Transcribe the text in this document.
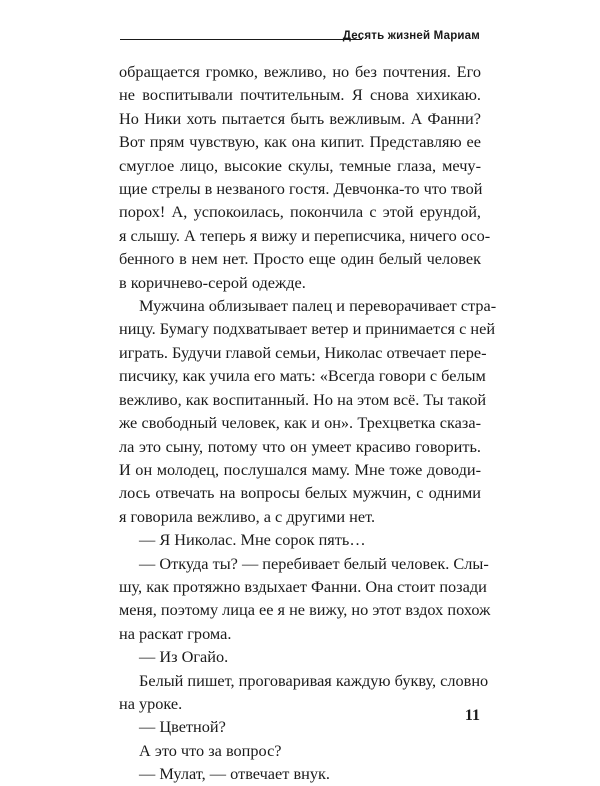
Десять жизней Мариам

обращается громко, вежливо, но без почтения. Его
не воспитывали почтительным. Я снова хихикаю.
Но Ники хоть пытается быть вежливым. А Фанни?
Вот прям чувствую, как она кипит. Представляю ее
смуглое лицо, высокие скулы, темные глаза, мечу-
щие стрелы в незваного гостя. Девчонка-то что твой
порох! А, успокоилась, покончила с этой ерундой,
я слышу. А теперь я вижу и переписчика, ничего осо-
бенного в нем нет. Просто еще один белый человек
в коричнево-серой одежде.

Мужчина облизывает палец и переворачивает стра-
ницу. Бумагу подхватывает ветер и принимается с ней
играть. Будучи главой семьи, Николас отвечает пере-
писчику, как учила его мать: «Всегда говори с белым
вежливо, как воспитанный. Но на этом всё. Ты такой
же свободный человек, как и он». Трехцветка сказа-
ла это сыну, потому что он умеет красиво говорить.
И он молодец, послушался маму. Мне тоже доводи-
лось отвечать на вопросы белых мужчин, с одними
я говорила вежливо, а с другими нет.

— Я Николас. Мне сорок пять…

— Откуда ты? — перебивает белый человек. Слы-
шу, как протяжно вздыхает Фанни. Она стоит позади
меня, поэтому лица ее я не вижу, но этот вздох похож
на раскат грома.

— Из Огайо.

Белый пишет, проговаривая каждую букву, словно
на уроке.

— Цветной?

А это что за вопрос?

— Мулат, — отвечает внук.

11
